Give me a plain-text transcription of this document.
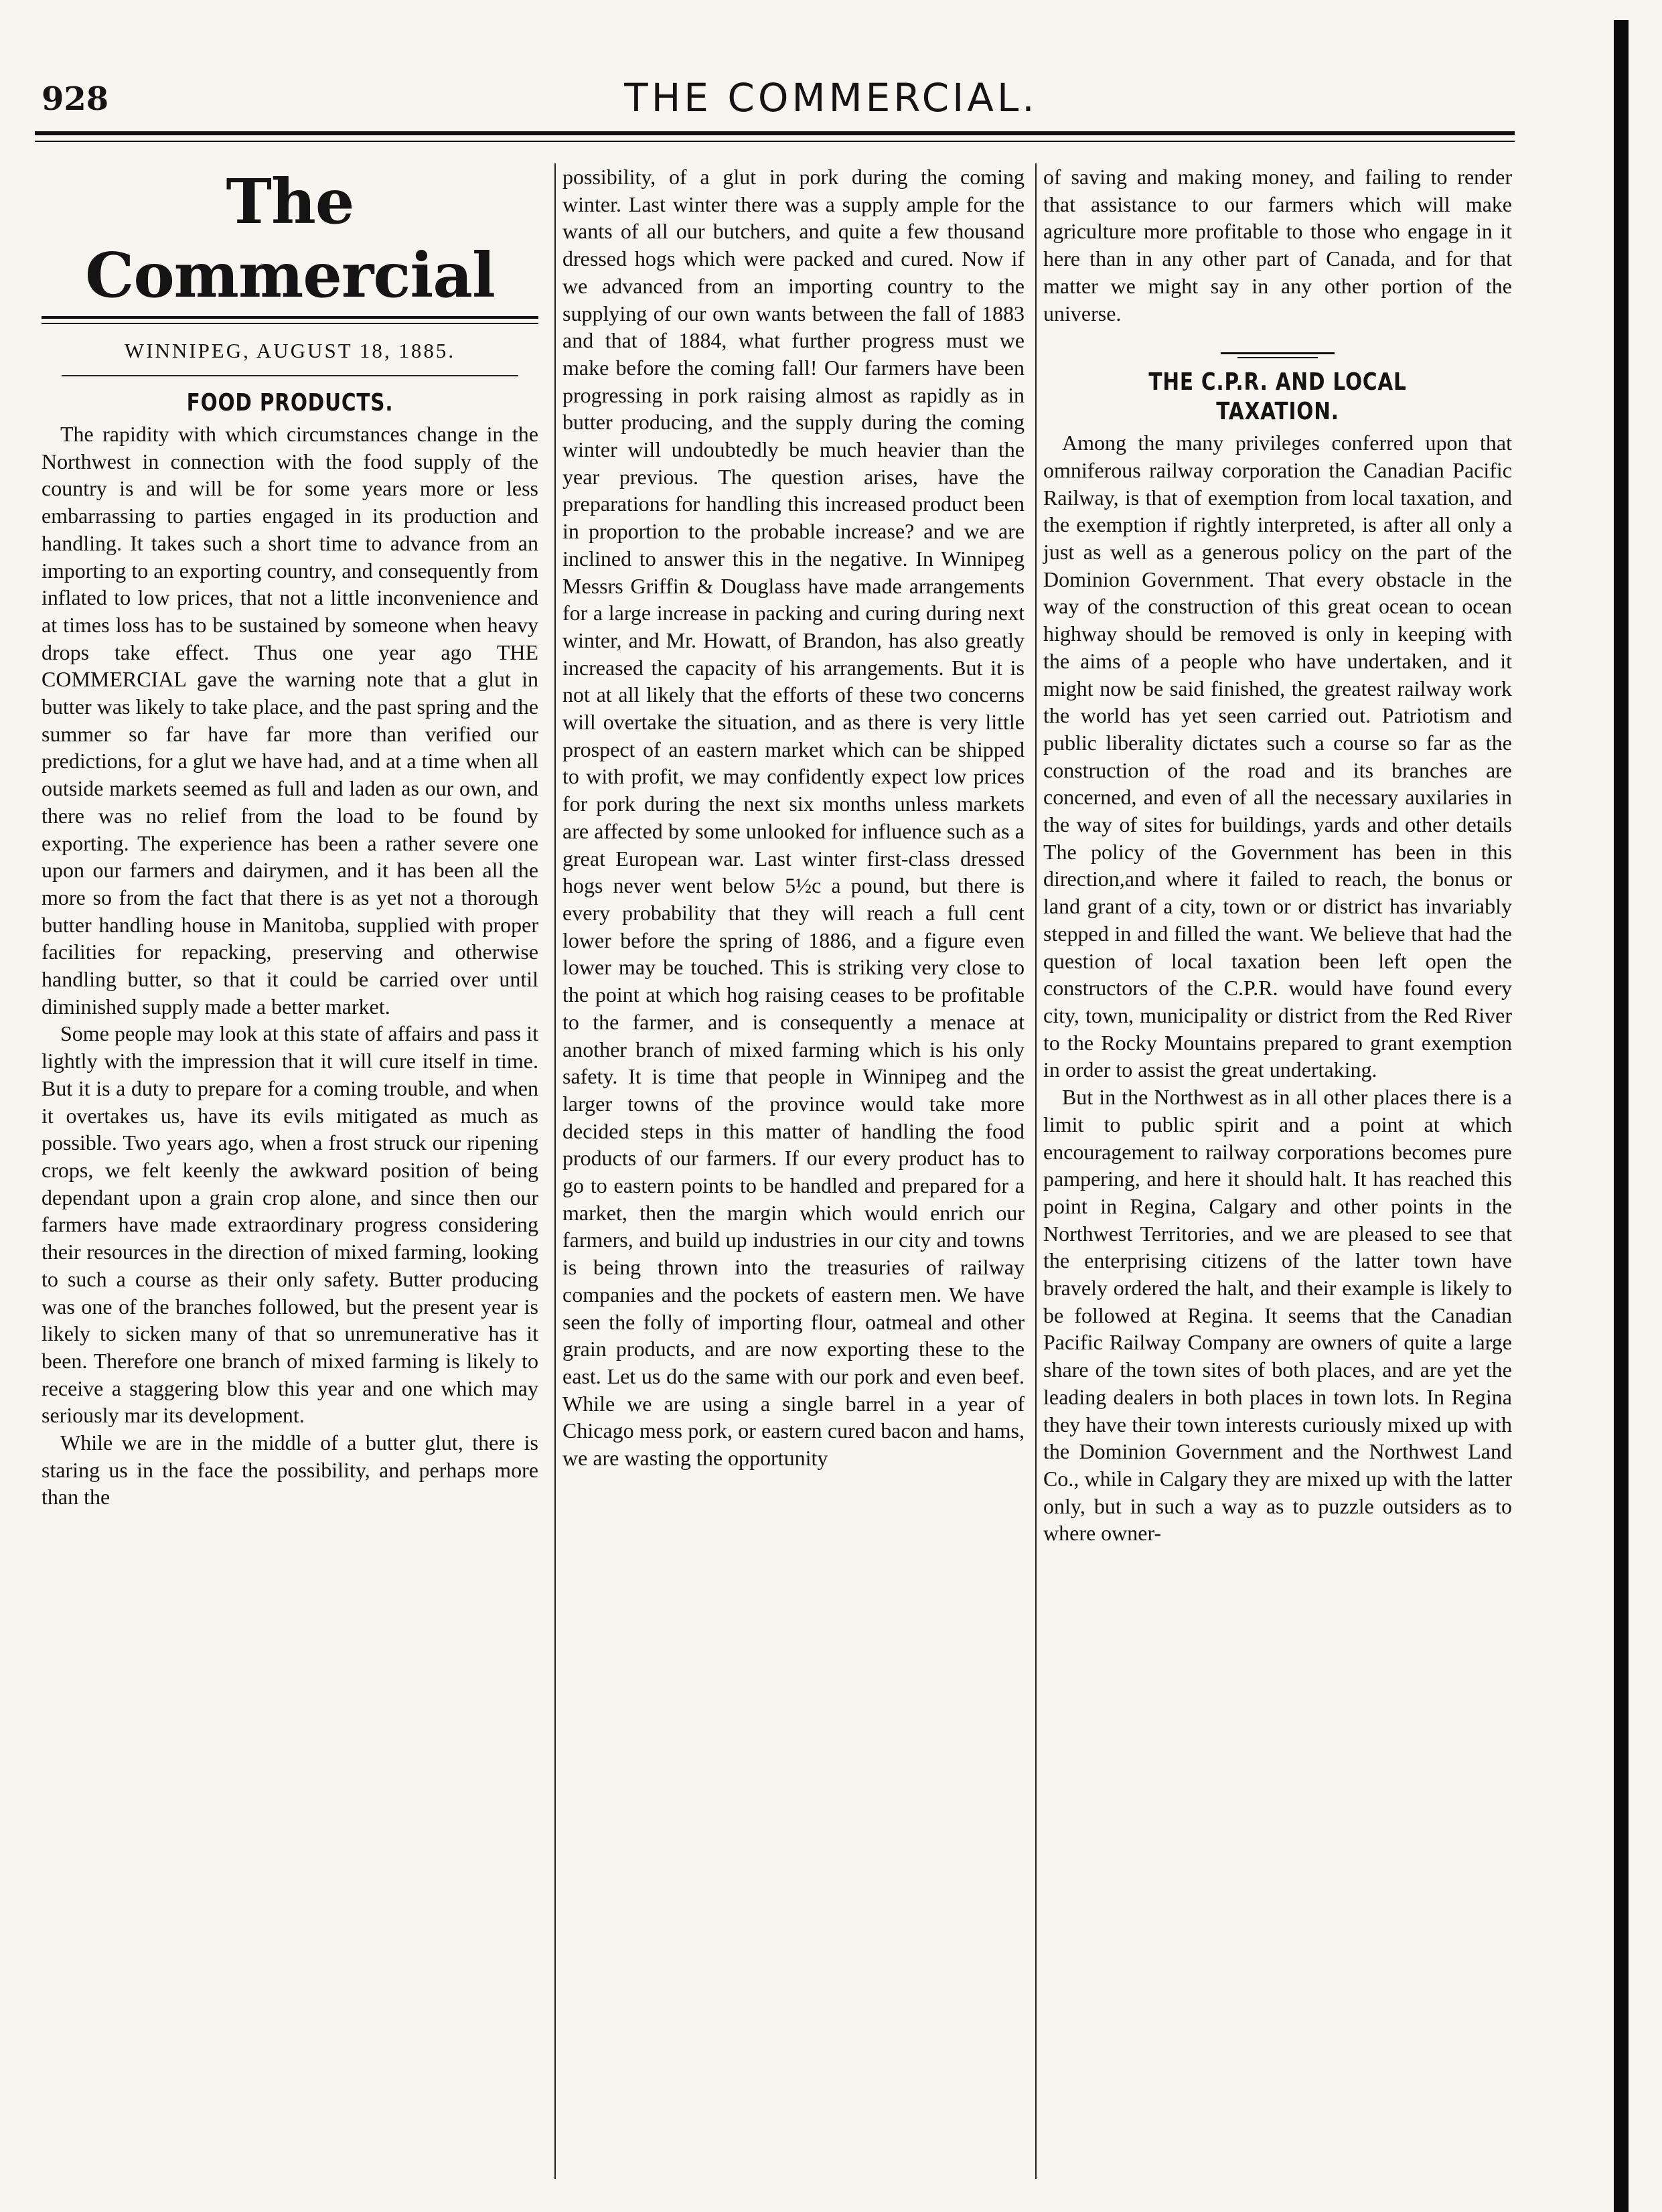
928	THE COMMERCIAL.
The Commercial
WINNIPEG, AUGUST 18, 1885.
FOOD PRODUCTS.

The rapidity with which circumstances change in the Northwest in connection with the food supply of the country is and will be for some years more or less embarrassing to parties engaged in its production and handling. It takes such a short time to advance from an importing to an exporting country, and consequently from inflated to low prices, that not a little inconvenience and at times loss has to be sustained by someone when heavy drops take effect. Thus one year ago THE COMMERCIAL gave the warning note that a glut in butter was likely to take place, and the past spring and the summer so far have far more than verified our predictions, for a glut we have had, and at a time when all outside markets seemed as full and laden as our own, and there was no relief from the load to be found by exporting. The experience has been a rather severe one upon our farmers and dairymen, and it has been all the more so from the fact that there is as yet not a thorough butter handling house in Manitoba, supplied with proper facilities for repacking, preserving and otherwise handling butter, so that it could be carried over until diminished supply made a better market.

Some people may look at this state of affairs and pass it lightly with the impression that it will cure itself in time. But it is a duty to prepare for a coming trouble, and when it overtakes us, have its evils mitigated as much as possible. Two years ago, when a frost struck our ripening crops, we felt keenly the awkward position of being dependant upon a grain crop alone, and since then our farmers have made extraordinary progress considering their resources in the direction of mixed farming, looking to such a course as their only safety. Butter producing was one of the branches followed, but the present year is likely to sicken many of that so unremunerative has it been. Therefore one branch of mixed farming is likely to receive a staggering blow this year and one which may seriously mar its development.

While we are in the middle of a butter glut, there is staring us in the face the possibility, and perhaps more than the

possibility, of a glut in pork during the coming winter. Last winter there was a supply ample for the wants of all our butchers, and quite a few thousand dressed hogs which were packed and cured. Now if we advanced from an importing country to the supplying of our own wants between the fall of 1883 and that of 1884, what further progress must we make before the coming fall! Our farmers have been progressing in pork raising almost as rapidly as in butter producing, and the supply during the coming winter will undoubtedly be much heavier than the year previous. The question arises, have the preparations for handling this increased product been in proportion to the probable increase? and we are inclined to answer this in the negative. In Winnipeg Messrs Griffin & Douglass have made arrangements for a large increase in packing and curing during next winter, and Mr. Howatt, of Brandon, has also greatly increased the capacity of his arrangements. But it is not at all likely that the efforts of these two concerns will overtake the situation, and as there is very little prospect of an eastern market which can be shipped to with profit, we may confidently expect low prices for pork during the next six months unless markets are affected by some unlooked for influence such as a great European war. Last winter first-class dressed hogs never went below 5½c a pound, but there is every probability that they will reach a full cent lower before the spring of 1886, and a figure even lower may be touched. This is striking very close to the point at which hog raising ceases to be profitable to the farmer, and is consequently a menace at another branch of mixed farming which is his only safety. It is time that people in Winnipeg and the larger towns of the province would take more decided steps in this matter of handling the food products of our farmers. If our every product has to go to eastern points to be handled and prepared for a market, then the margin which would enrich our farmers, and build up industries in our city and towns is being thrown into the treasuries of railway companies and the pockets of eastern men. We have seen the folly of importing flour, oatmeal and other grain products, and are now exporting these to the east. Let us do the same with our pork and even beef. While we are using a single barrel in a year of Chicago mess pork, or eastern cured bacon and hams, we are wasting the opportunity

of saving and making money, and failing to render that assistance to our farmers which will make agriculture more profitable to those who engage in it here than in any other part of Canada, and for that matter we might say in any other portion of the universe.

THE C.P.R. AND LOCAL TAXATION.

Among the many privileges conferred upon that omniferous railway corporation the Canadian Pacific Railway, is that of exemption from local taxation, and the exemption if rightly interpreted, is after all only a just as well as a generous policy on the part of the Dominion Government. That every obstacle in the way of the construction of this great ocean to ocean highway should be removed is only in keeping with the aims of a people who have undertaken, and it might now be said finished, the greatest railway work the world has yet seen carried out. Patriotism and public liberality dictates such a course so far as the construction of the road and its branches are concerned, and even of all the necessary auxilaries in the way of sites for buildings, yards and other details The policy of the Government has been in this direction,and where it failed to reach, the bonus or land grant of a city, town or or district has invariably stepped in and filled the want. We believe that had the question of local taxation been left open the constructors of the C.P.R. would have found every city, town, municipality or district from the Red River to the Rocky Mountains prepared to grant exemption in order to assist the great undertaking.

But in the Northwest as in all other places there is a limit to public spirit and a point at which encouragement to railway corporations becomes pure pampering, and here it should halt. It has reached this point in Regina, Calgary and other points in the Northwest Territories, and we are pleased to see that the enterprising citizens of the latter town have bravely ordered the halt, and their example is likely to be followed at Regina. It seems that the Canadian Pacific Railway Company are owners of quite a large share of the town sites of both places, and are yet the leading dealers in both places in town lots. In Regina they have their town interests curiously mixed up with the Dominion Government and the Northwest Land Co., while in Calgary they are mixed up with the latter only, but in such a way as to puzzle outsiders as to where owner-
